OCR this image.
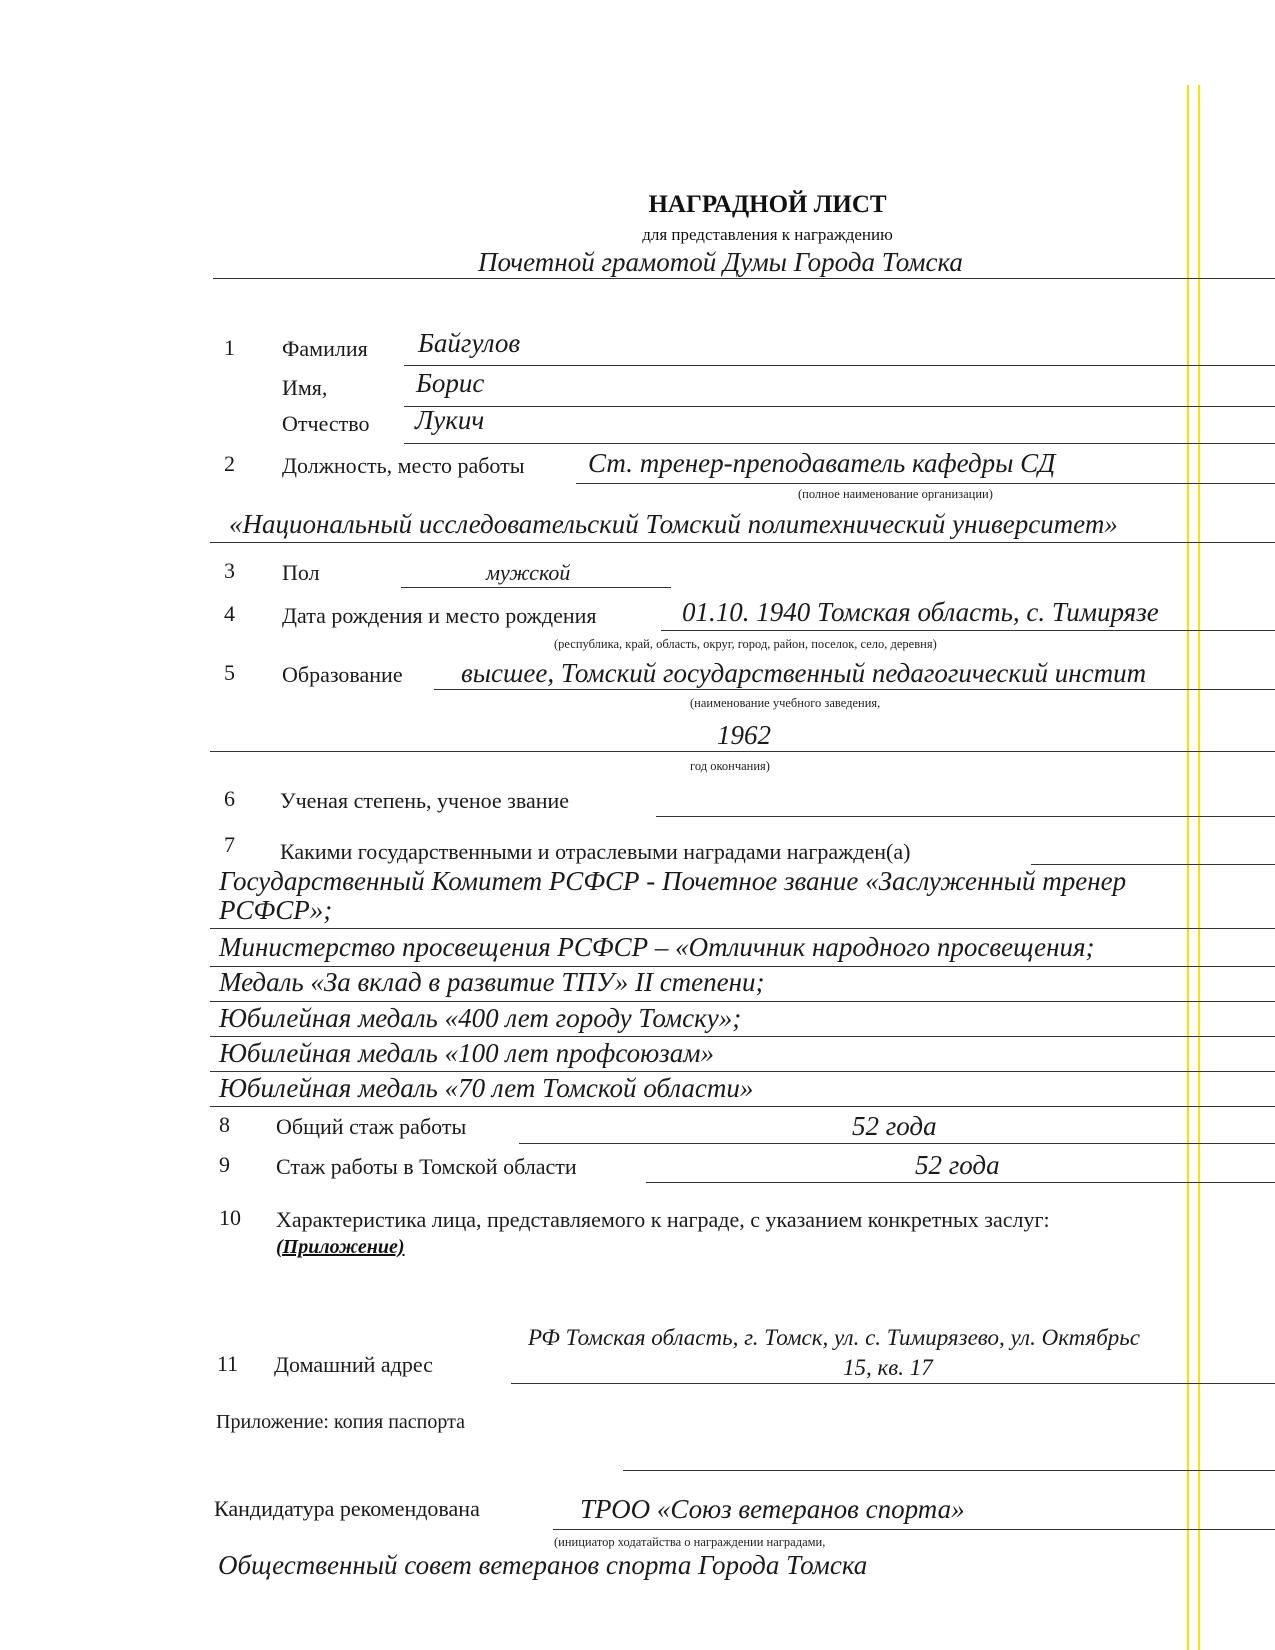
НАГРАДНОЙ ЛИСТ
для представления к награждению
Почетной грамотой Думы Города Томска
1 Фамилия Байгулов
Имя,	Борис
Отчество Лукич
2 Должность, место работы Ст. тренер-преподаватель кафедры СД
(полное наименование организации)
«Национальный исследовательский Томский политехнический университет»
3 Пол	мужской
4 Дата рождения и место рождения	01.10. 1940 Томская область, с. Тимирязе
(республика, край, область, округ, город, район, поселок, село, деревня)
5 Образование высшее, Томский государственный педагогический инстит
(наименование учебного заведения,
1962
год окончания)
6 Ученая степень, ученое звание
7 Какими государственными и отраслевыми наградами награжден(а)
Государственный Комитет РСФСР - Почетное звание «Заслуженный тренер
РСФСР»;
Министерство просвещения РСФСР – «Отличник народного просвещения;
Медаль «За вклад в развитие ТПУ» II степени;
Юбилейная медаль «400 лет городу Томску»;
Юбилейная медаль «100 лет профсоюзам»
Юбилейная медаль «70 лет Томской области»
8 Общий стаж работы	52 года
9 Стаж работы в Томской области	52 года
10 Характеристика лица, представляемого к награде, с указанием конкретных заслуг:
(Приложение)
11 Домашний адрес
РФ Томская область, г. Томск, ул. с. Тимирязево, ул. Октябрьс
15, кв. 17
Приложение: копия паспорта
Кандидатура рекомендована	ТРОО «Союз ветеранов спорта»
(инициатор ходатайства о награждении наградами,
Общественный совет ветеранов спорта Города Томска
